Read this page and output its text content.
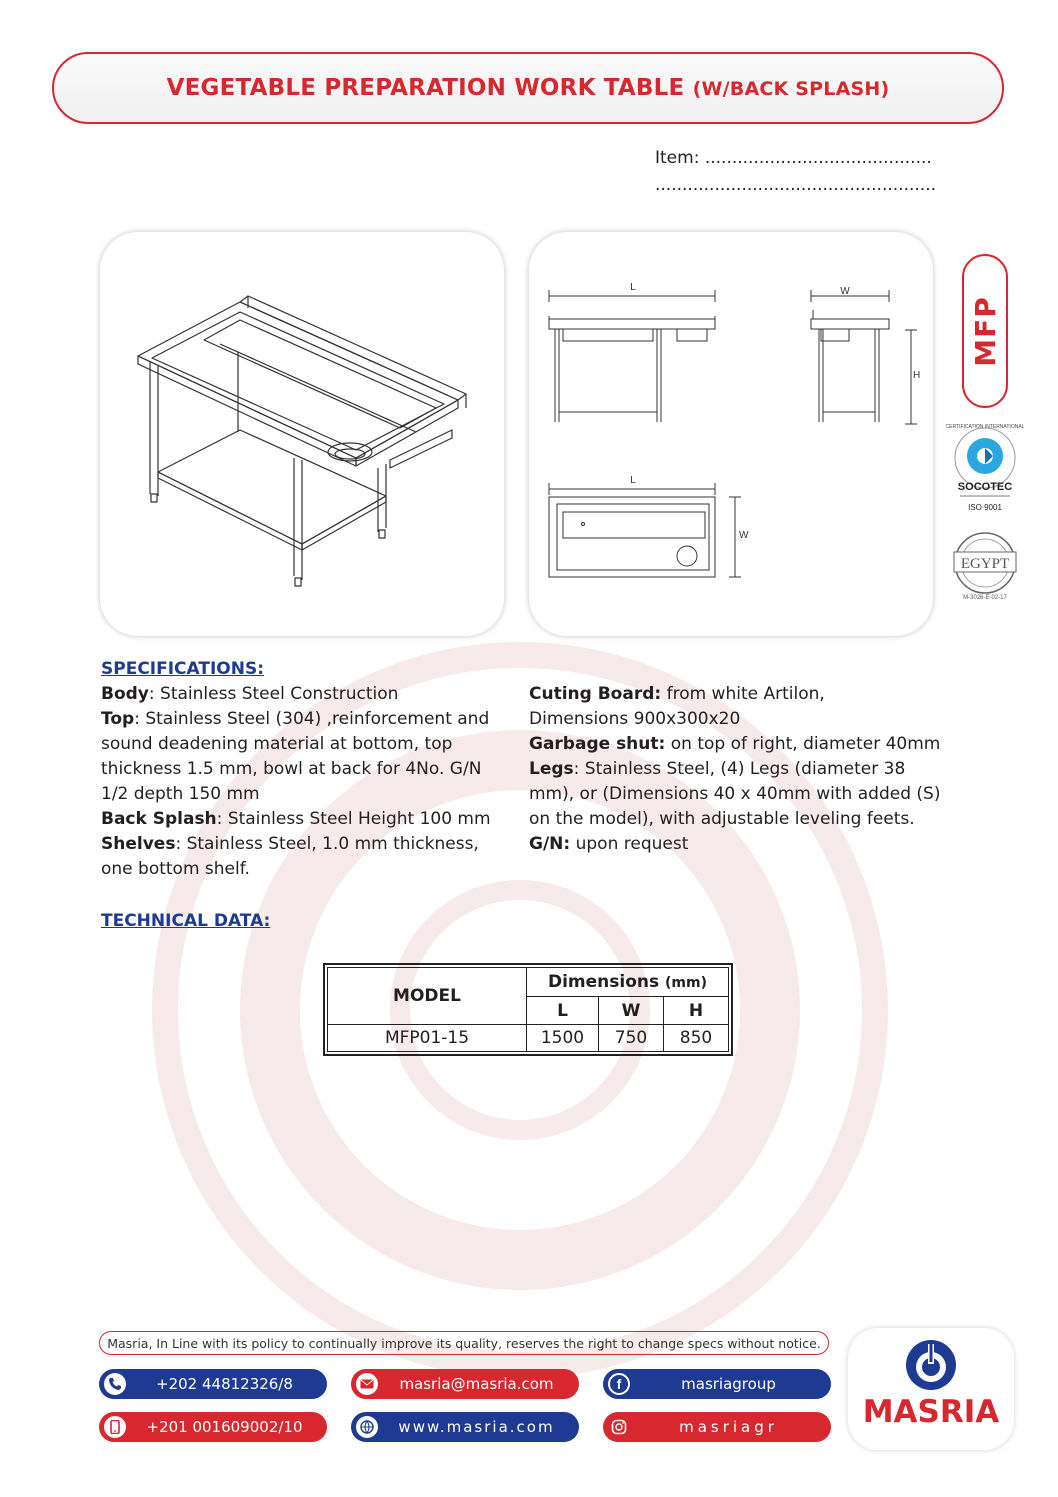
VEGETABLE PREPARATION WORK TABLE (W/BACK SPLASH)
Item: ..........................................
....................................................
L	W
H
L
W
MFP
CERTIFICATION INTERNATIONAL
SOCOTEC
ISO 9001
EGYPT
M-3026-E-02-17
SPECIFICATIONS:
Body: Stainless Steel Construction
Top: Stainless Steel (304) ,reinforcement and sound deadening material at bottom, top thickness 1.5 mm, bowl at back for 4No. G/N 1/2 depth 150 mm
Back Splash: Stainless Steel Height 100 mm
Shelves: Stainless Steel, 1.0 mm thickness, one bottom shelf.
Cuting Board: from white Artilon, Dimensions 900x300x20
Garbage shut: on top of right, diameter 40mm
Legs: Stainless Steel, (4) Legs (diameter 38 mm), or (Dimensions 40 x 40mm with added (S) on the model), with adjustable leveling feets.
G/N: upon request
TECHNICAL DATA:
MODEL	Dimensions (mm)		
	L	W	H
MFP01-15	1500	750	850
Masria, In Line with its policy to continually improve its quality, reserves the right to change specs without notice.
+202 44812326/8
+201 001609002/10
masria@masria.com
www.masria.com
f	masriagroup
masriagr	MASRIA
